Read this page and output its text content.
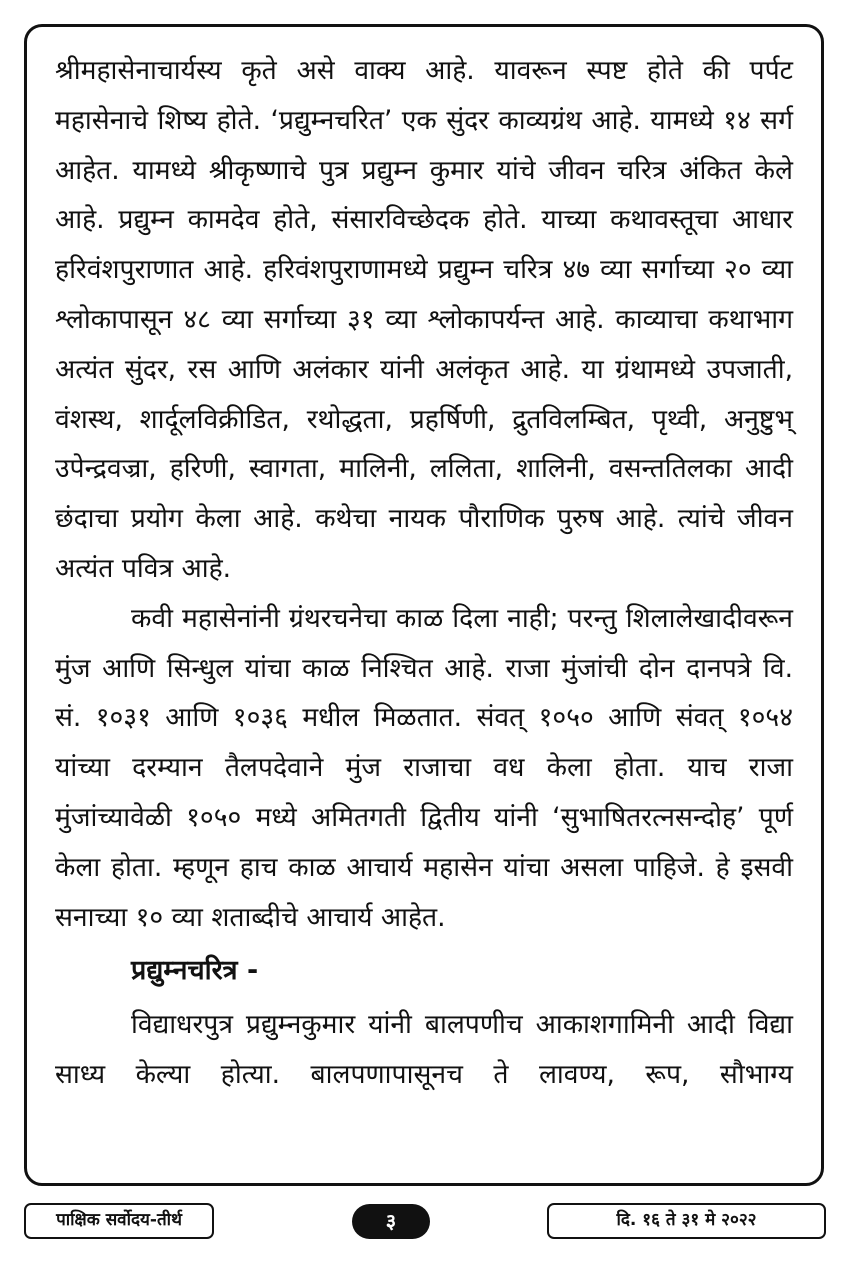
श्रीमहासेनाचार्यस्य कृते असे वाक्य आहे. यावरून स्पष्ट होते की पर्पट महासेनाचे शिष्य होते. ‘प्रद्युम्नचरित’ एक सुंदर काव्यग्रंथ आहे. यामध्ये १४ सर्ग आहेत. यामध्ये श्रीकृष्णाचे पुत्र प्रद्युम्न कुमार यांचे जीवन चरित्र अंकित केले आहे. प्रद्युम्न कामदेव होते, संसारविच्छेदक होते. याच्या कथावस्तूचा आधार हरिवंशपुराणात आहे. हरिवंशपुराणामध्ये प्रद्युम्न चरित्र ४७ व्या सर्गाच्या २० व्या श्लोकापासून ४८ व्या सर्गाच्या ३१ व्या श्लोकापर्यन्त आहे. काव्याचा कथाभाग अत्यंत सुंदर, रस आणि अलंकार यांनी अलंकृत आहे. या ग्रंथामध्ये उपजाती, वंशस्थ, शार्दूलविक्रीडित, रथोद्धता, प्रहर्षिणी, द्रुतविलम्बित, पृथ्वी, अनुष्टुभ् उपेन्द्रवज्रा, हरिणी, स्वागता, मालिनी, ललिता, शालिनी, वसन्ततिलका आदी छंदाचा प्रयोग केला आहे. कथेचा नायक पौराणिक पुरुष आहे. त्यांचे जीवन अत्यंत पवित्र आहे.

कवी महासेनांनी ग्रंथरचनेचा काळ दिला नाही; परन्तु शिलालेखादीवरून मुंज आणि सिन्धुल यांचा काळ निश्चित आहे. राजा मुंजांची दोन दानपत्रे वि. सं. १०३१ आणि १०३६ मधील मिळतात. संवत् १०५० आणि संवत् १०५४ यांच्या दरम्यान तैलपदेवाने मुंज राजाचा वध केला होता. याच राजा मुंजांच्यावेळी १०५० मध्ये अमितगती द्वितीय यांनी ‘सुभाषितरत्नसन्दोह’ पूर्ण केला होता. म्हणून हाच काळ आचार्य महासेन यांचा असला पाहिजे. हे इसवी सनाच्या १० व्या शताब्दीचे आचार्य आहेत.

प्रद्युम्नचरित्र -

विद्याधरपुत्र प्रद्युम्नकुमार यांनी बालपणीच आकाशगामिनी आदी विद्या साध्य केल्या होत्या. बालपणापासूनच ते लावण्य, रूप, सौभाग्य

पाक्षिक सर्वोदय-तीर्थ	३	दि. १६ ते ३१ मे २०२२
